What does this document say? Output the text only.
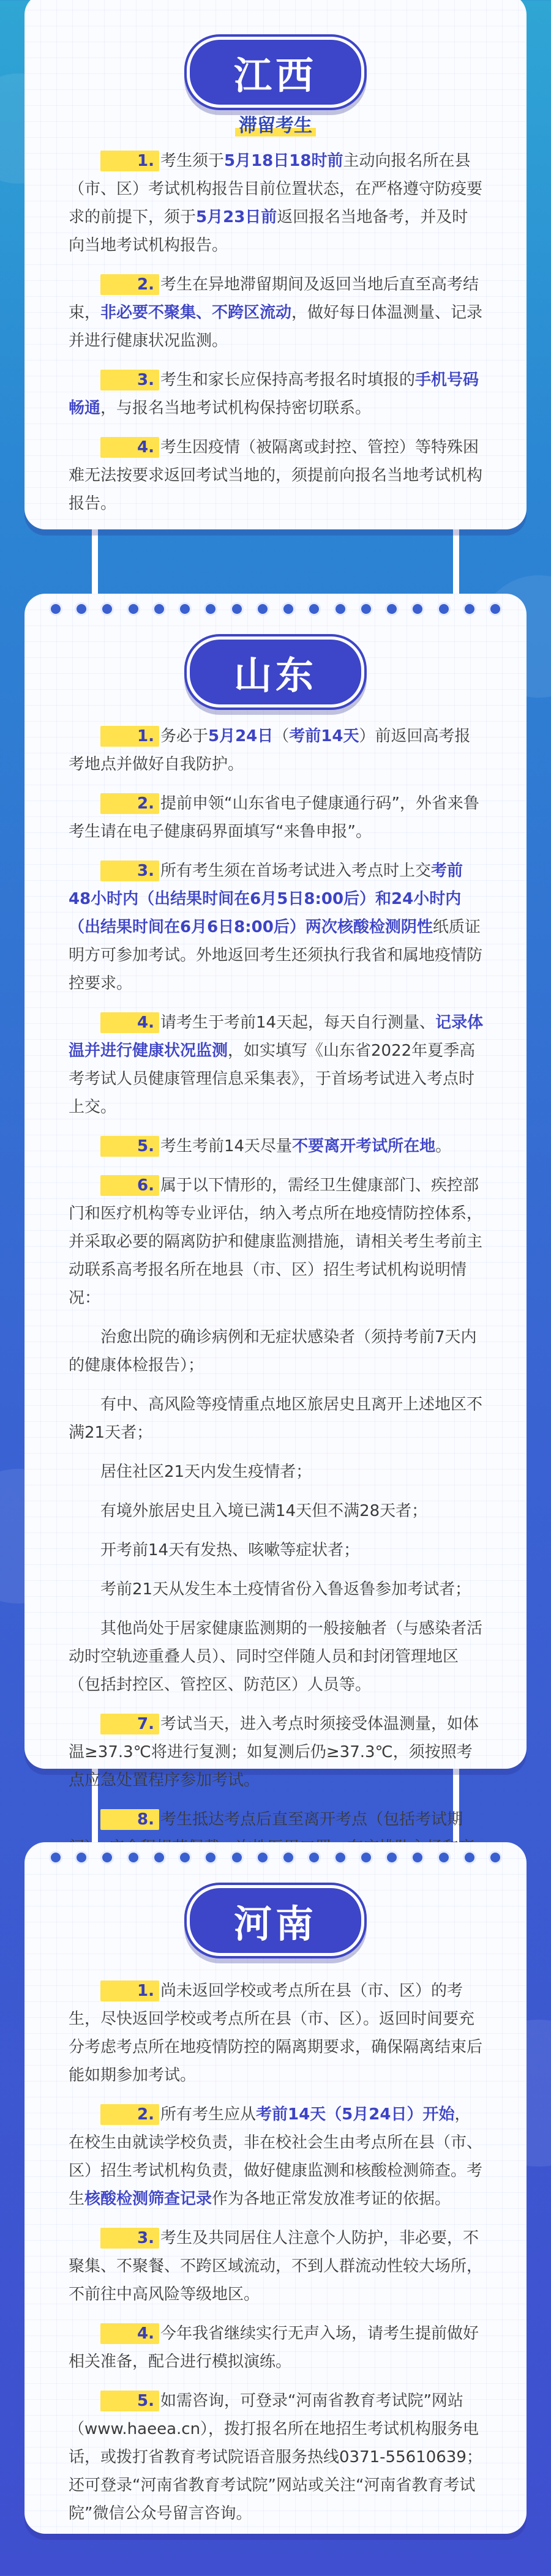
江西
滞留考生

1. 考生须于5月18日18时前主动向报名所在县（市、区）考试机构报告目前位置状态，在严格遵守防疫要求的前提下，须于5月23日前返回报名当地备考，并及时向当地考试机构报告。

2. 考生在异地滞留期间及返回当地后直至高考结束，非必要不聚集、不跨区流动，做好每日体温测量、记录并进行健康状况监测。

3. 考生和家长应保持高考报名时填报的手机号码畅通，与报名当地考试机构保持密切联系。

4. 考生因疫情（被隔离或封控、管控）等特殊困难无法按要求返回考试当地的，须提前向报名当地考试机构报告。

山东

1. 务必于5月24日（考前14天）前返回高考报考地点并做好自我防护。

2. 提前申领“山东省电子健康通行码”，外省来鲁考生请在电子健康码界面填写“来鲁申报”。

3. 所有考生须在首场考试进入考点时上交考前48小时内（出结果时间在6月5日8:00后）和24小时内（出结果时间在6月6日8:00后）两次核酸检测阴性纸质证明方可参加考试。外地返回考生还须执行我省和属地疫情防控要求。

4. 请考生于考前14天起，每天自行测量、记录体温并进行健康状况监测，如实填写《山东省2022年夏季高考考试人员健康管理信息采集表》，于首场考试进入考点时上交。

5. 考生考前14天尽量不要离开考试所在地。

6. 属于以下情形的，需经卫生健康部门、疾控部门和医疗机构等专业评估，纳入考点所在地疫情防控体系，并采取必要的隔离防护和健康监测措施，请相关考生考前主动联系高考报名所在地县（市、区）招生考试机构说明情况：

治愈出院的确诊病例和无症状感染者（须持考前7天内的健康体检报告）；

有中、高风险等疫情重点地区旅居史且离开上述地区不满21天者；

居住社区21天内发生疫情者；

有境外旅居史且入境已满14天但不满28天者；

开考前14天有发热、咳嗽等症状者；

考前21天从发生本土疫情省份入鲁返鲁参加考试者；

其他尚处于居家健康监测期的一般接触者（与感染者活动时空轨迹重叠人员）、同时空伴随人员和封闭管理地区（包括封控区、管控区、防范区）人员等。

7. 考试当天，进入考点时须接受体温测量，如体温≥37.3℃将进行复测；如复测后仍≥37.3℃，须按照考点应急处置程序参加考试。

8. 考生抵达考点后直至离开考点（包括考试期

河南

1. 尚未返回学校或考点所在县（市、区）的考生，尽快返回学校或考点所在县（市、区）。返回时间要充分考虑考点所在地疫情防控的隔离期要求，确保隔离结束后能如期参加考试。

2. 所有考生应从考前14天（5月24日）开始，在校生由就读学校负责，非在校社会生由考点所在县（市、区）招生考试机构负责，做好健康监测和核酸检测筛查。考生核酸检测筛查记录作为各地正常发放准考证的依据。

3. 考生及共同居住人注意个人防护，非必要，不聚集、不聚餐、不跨区域流动，不到人群流动性较大场所，不前往中高风险等级地区。

4. 今年我省继续实行无声入场，请考生提前做好相关准备，配合进行模拟演练。

5. 如需咨询，可登录“河南省教育考试院”网站（www.haeea.cn），拨打报名所在地招生考试机构服务电话，或拨打省教育考试院语音服务热线0371-55610639；还可登录“河南省教育考试院”网站或关注“河南省教育考试院”微信公众号留言咨询。
